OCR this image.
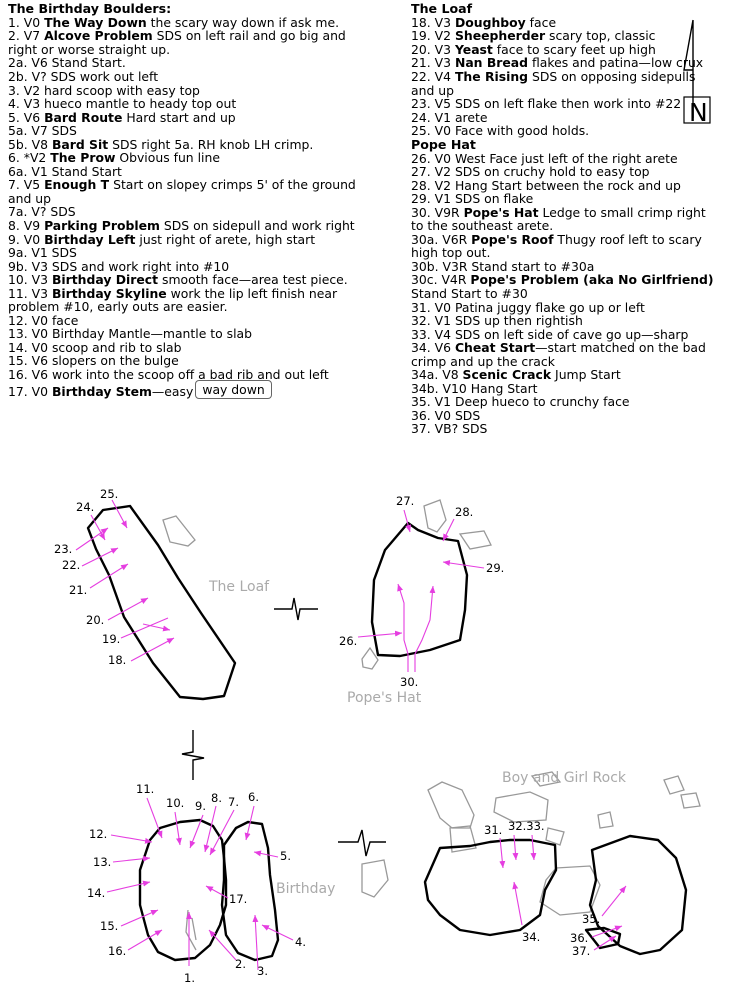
The Birthday Boulders:

1. V0 The Way Down the scary way down if ask me.

2. V7 Alcove Problem SDS on left rail and go big and right or worse straight up.

2a. V6 Stand Start.

2b. V? SDS work out left

3. V2 hard scoop with easy top

4. V3 hueco mantle to heady top out

5. V6 Bard Route Hard start and up

5a. V7 SDS

5b. V8 Bard Sit SDS right 5a. RH knob LH crimp.

6. *V2 The Prow Obvious fun line

6a. V1 Stand Start

7. V5 Enough T Start on slopey crimps 5' of the ground and up

7a. V? SDS

8. V9 Parking Problem SDS on sidepull and work right

9. V0 Birthday Left just right of arete, high start

9a. V1 SDS

9b. V3 SDS and work right into #10

10. V3 Birthday Direct smooth face—area test piece.

11. V3 Birthday Skyline work the lip left finish near problem #10, early outs are easier.

12. V0 face

13. V0 Birthday Mantle—mantle to slab

14. V0 scoop and rib to slab

15. V6 slopers on the bulge

16. V6 work into the scoop off a bad rib and out left

17. V0 Birthday Stem—easy way down

The Loaf

18. V3 Doughboy face

19. V2 Sheepherder scary top, classic

20. V3 Yeast face to scary feet up high

21. V3 Nan Bread flakes and patina—low crux

22. V4 The Rising SDS on opposing sidepulls and up

23. V5 SDS on left flake then work into #22

24. V1 arete

25. V0 Face with good holds.

Pope Hat

26. V0 West Face just left of the right arete

27. V2 SDS on cruchy hold to easy top

28. V2 Hang Start between the rock and up

29. V1 SDS on flake

30. V9R Pope's Hat Ledge to small crimp right to the southeast arete.

30a. V6R Pope's Roof Thugy roof left to scary high top out.

30b. V3R Stand start to #30a

30c. V4R Pope's Problem (aka No Girlfriend) Stand Start to #30

31. V0 Patina juggy flake go up or left

32. V1 SDS up then rightish

33. V4 SDS on left side of cave go up—sharp

34. V6 Cheat Start—start matched on the bad crimp and up the crack

34a. V8 Scenic Crack Jump Start

34b. V10 Hang Start

35. V1 Deep hueco to crunchy face

36. V0 SDS

37. VB? SDS

N
The Loaf
25.
24.
23.
22.
21.
20.
19.
18.
Pope's Hat
27.
28.
29.
26.
30.
Birthday
11.
10. 9.
8. 7. 6.
5.
12.
13.
14.
15.
16.
17.
1.
2. 3.
4.
Boy and Girl Rock
31. 32.33.
34.
35.
36.
37.
